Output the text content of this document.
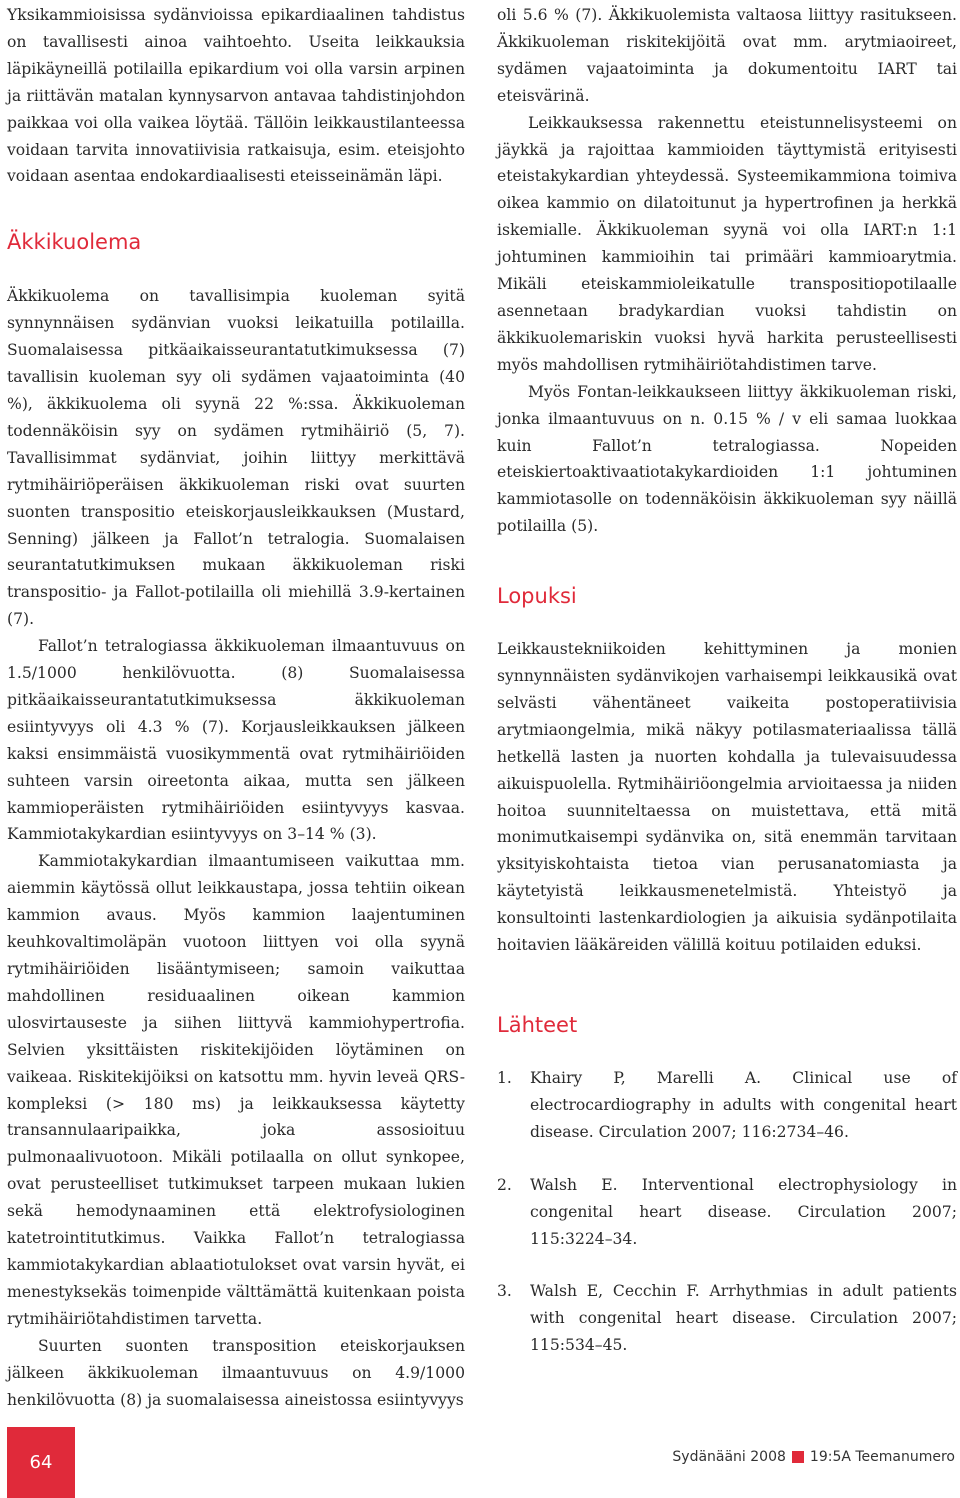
Yksikammioisissa sydänvioissa epikardiaalinen tahdistus on tavallisesti ainoa vaihtoehto. Useita leikkauksia läpikäyneillä potilailla epikardium voi olla varsin arpinen ja riittävän matalan kynnysarvon antavaa tahdistinjohdon paikkaa voi olla vaikea löytää. Tällöin leikkaustilanteessa voidaan tarvita innovatiivisia ratkaisuja, esim. eteisjohto voidaan asentaa endokardiaalisesti eteisseinämän läpi.

Äkkikuolema

Äkkikuolema on tavallisimpia kuoleman syitä synnynnäisen sydänvian vuoksi leikatuilla potilailla. Suomalaisessa pitkäaikaisseurantatutkimuksessa (7) tavallisin kuoleman syy oli sydämen vajaatoiminta (40 %), äkkikuolema oli syynä 22 %:ssa. Äkkikuoleman todennäköisin syy on sydämen rytmihäiriö (5, 7). Tavallisimmat sydänviat, joihin liittyy merkittävä rytmihäiriöperäisen äkkikuoleman riski ovat suurten suonten transpositio eteiskorjausleikkauksen (Mustard, Senning) jälkeen ja Fallot’n tetralogia. Suomalaisen seurantatutkimuksen mukaan äkkikuoleman riski transpositio- ja Fallot-potilailla oli miehillä 3.9-kertainen (7).

Fallot’n tetralogiassa äkkikuoleman ilmaantuvuus on 1.5/1000 henkilövuotta. (8) Suomalaisessa pitkäaikaisseurantatutkimuksessa äkkikuoleman esiintyvyys oli 4.3 % (7). Korjausleikkauksen jälkeen kaksi ensimmäistä vuosikymmentä ovat rytmihäiriöiden suhteen varsin oireetonta aikaa, mutta sen jälkeen kammioperäisten rytmihäiriöiden esiintyvyys kasvaa. Kammiotakykardian esiintyvyys on 3–14 % (3).

Kammiotakykardian ilmaantumiseen vaikuttaa mm. aiemmin käytössä ollut leikkaustapa, jossa tehtiin oikean kammion avaus. Myös kammion laajentuminen keuhkovaltimoläpän vuotoon liittyen voi olla syynä rytmihäiriöiden lisääntymiseen; samoin vaikuttaa mahdollinen residuaalinen oikean kammion ulosvirtauseste ja siihen liittyvä kammiohypertrofia. Selvien yksittäisten riskitekijöiden löytäminen on vaikeaa. Riskitekijöiksi on katsottu mm. hyvin leveä QRS-kompleksi (> 180 ms) ja leikkauksessa käytetty transannulaaripaikka, joka assosioituu pulmonaalivuotoon. Mikäli potilaalla on ollut synkopee, ovat perusteelliset tutkimukset tarpeen mukaan lukien sekä hemodynaaminen että elektrofysiologinen katetrointitutkimus. Vaikka Fallot’n tetralogiassa kammiotakykardian ablaatiotulokset ovat varsin hyvät, ei menestyksekäs toimenpide välttämättä kuitenkaan poista rytmihäiriötahdistimen tarvetta.

Suurten suonten transposition eteiskorjauksen jälkeen äkkikuoleman ilmaantuvuus on 4.9/1000 henkilövuotta (8) ja suomalaisessa aineistossa esiintyvyys

oli 5.6 % (7). Äkkikuolemista valtaosa liittyy rasitukseen. Äkkikuoleman riskitekijöitä ovat mm. arytmiaoireet, sydämen vajaatoiminta ja dokumentoitu IART tai eteisvärinä.

Leikkauksessa rakennettu eteistunnelisysteemi on jäykkä ja rajoittaa kammioiden täyttymistä erityisesti eteistakykardian yhteydessä. Systeemikammiona toimiva oikea kammio on dilatoitunut ja hypertrofinen ja herkkä iskemialle. Äkkikuoleman syynä voi olla IART:n 1:1 johtuminen kammioihin tai primääri kammioarytmia. Mikäli eteiskammioleikatulle transpositiopotilaalle asennetaan bradykardian vuoksi tahdistin on äkkikuolemariskin vuoksi hyvä harkita perusteellisesti myös mahdollisen rytmihäiriötahdistimen tarve.

Myös Fontan-leikkaukseen liittyy äkkikuoleman riski, jonka ilmaantuvuus on n. 0.15 % / v eli samaa luokkaa kuin Fallot’n tetralogiassa. Nopeiden eteiskiertoaktivaatiotakykardioiden 1:1 johtuminen kammiotasolle on todennäköisin äkkikuoleman syy näillä potilailla (5).

Lopuksi

Leikkaustekniikoiden kehittyminen ja monien synnynnäisten sydänvikojen varhaisempi leikkausikä ovat selvästi vähentäneet vaikeita postoperatiivisia arytmiaongelmia, mikä näkyy potilasmateriaalissa tällä hetkellä lasten ja nuorten kohdalla ja tulevaisuudessa aikuispuolella. Rytmihäiriöongelmia arvioitaessa ja niiden hoitoa suunniteltaessa on muistettava, että mitä monimutkaisempi sydänvika on, sitä enemmän tarvitaan yksityiskohtaista tietoa vian perusanatomiasta ja käytetyistä leikkausmenetelmistä. Yhteistyö ja konsultointi lastenkardiologien ja aikuisia sydänpotilaita hoitavien lääkäreiden välillä koituu potilaiden eduksi.

Lähteet
1. Khairy P, Marelli A. Clinical use of electrocardiography in adults with congenital heart disease. Circulation 2007; 116:2734–46.
2. Walsh E. Interventional electrophysiology in congenital heart disease. Circulation 2007; 115:3224–34.
3. Walsh E, Cecchin F. Arrhythmias in adult patients with congenital heart disease. Circulation 2007; 115:534–45.
64	Sydänääni 2008 19:5A Teemanumero
